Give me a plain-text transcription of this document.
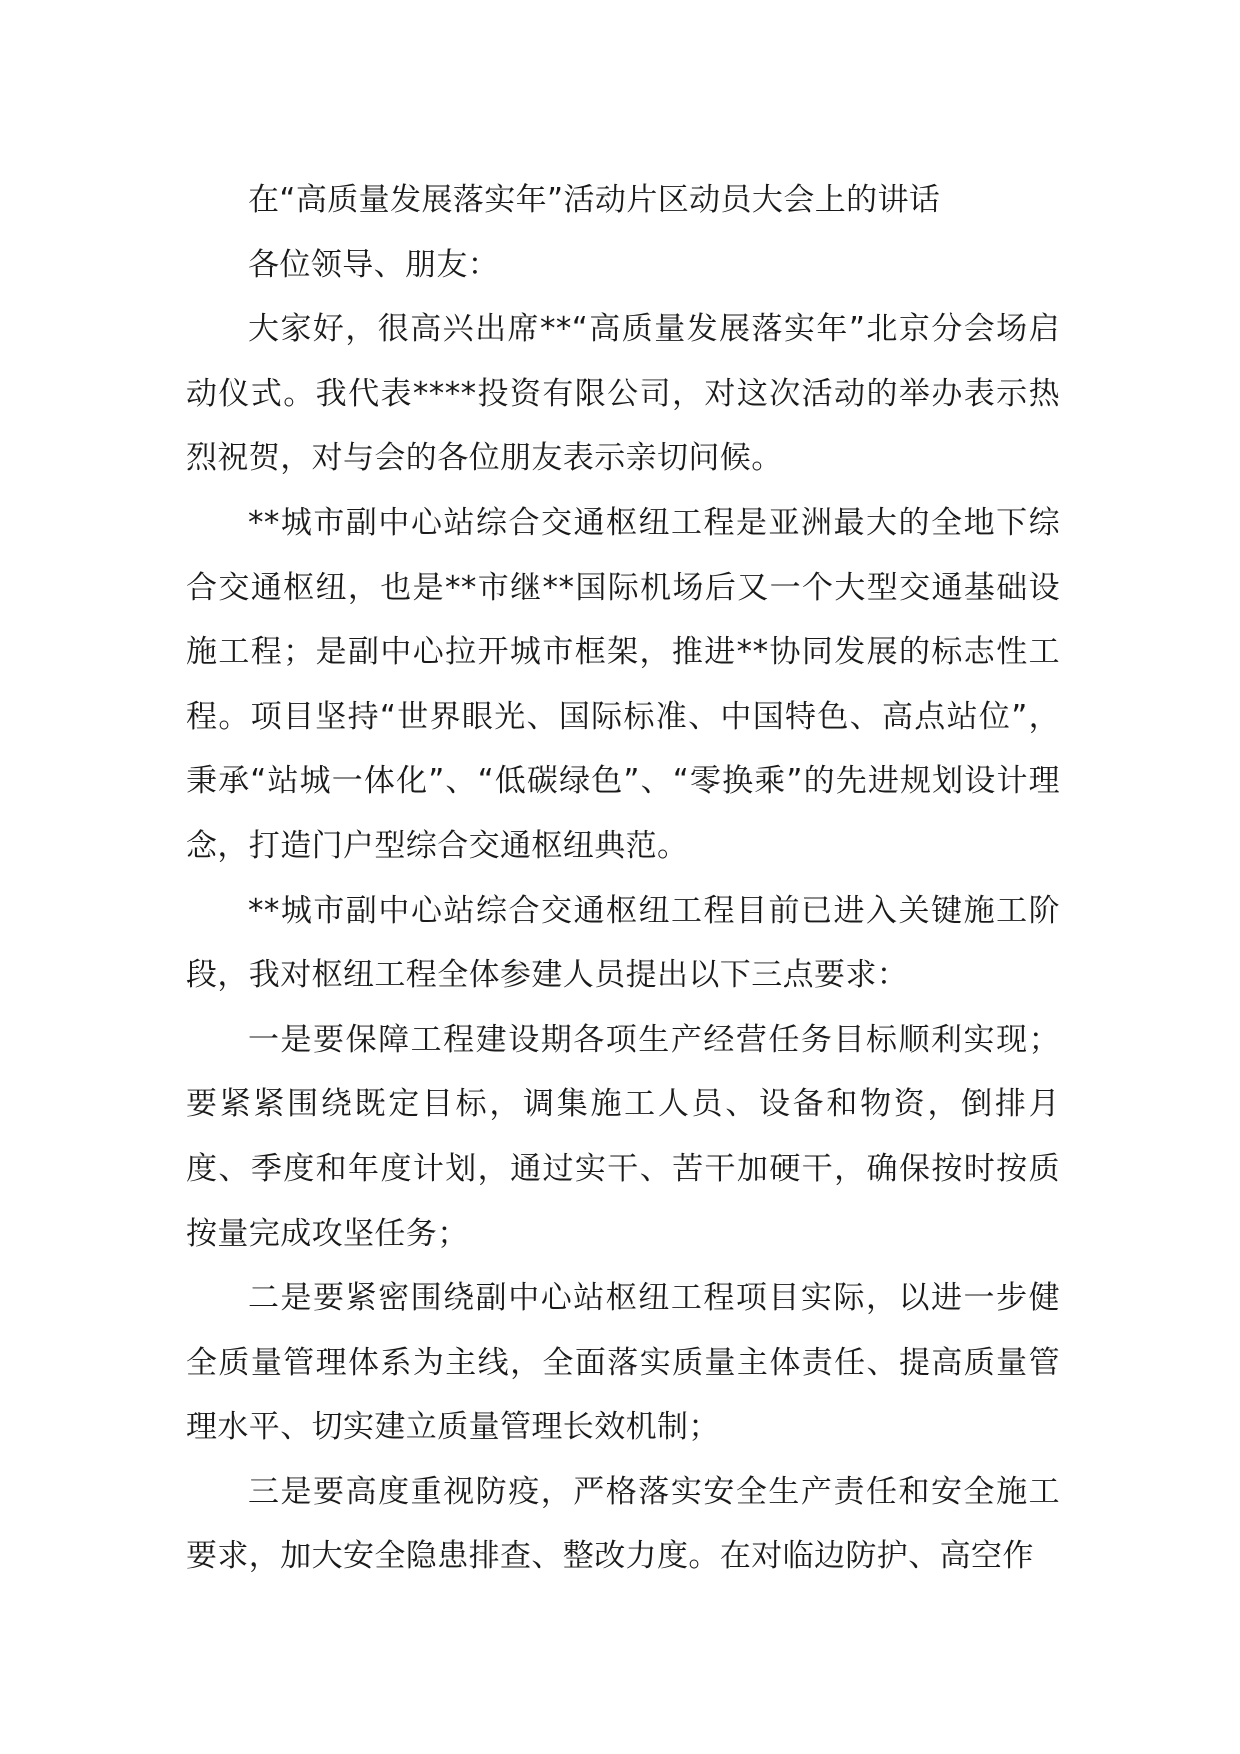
在“高质量发展落实年”活动片区动员大会上的讲话

各位领导、朋友：

大家好，很高兴出席**“高质量发展落实年”北京分会场启动仪式。我代表****投资有限公司，对这次活动的举办表示热烈祝贺，对与会的各位朋友表示亲切问候。

**城市副中心站综合交通枢纽工程是亚洲最大的全地下综合交通枢纽，也是**市继**国际机场后又一个大型交通基础设施工程；是副中心拉开城市框架，推进**协同发展的标志性工程。项目坚持“世界眼光、国际标准、中国特色、高点站位”，秉承“站城一体化”、“低碳绿色”、“零换乘”的先进规划设计理念，打造门户型综合交通枢纽典范。

**城市副中心站综合交通枢纽工程目前已进入关键施工阶段，我对枢纽工程全体参建人员提出以下三点要求：

一是要保障工程建设期各项生产经营任务目标顺利实现；要紧紧围绕既定目标，调集施工人员、设备和物资，倒排月度、季度和年度计划，通过实干、苦干加硬干，确保按时按质按量完成攻坚任务；

二是要紧密围绕副中心站枢纽工程项目实际，以进一步健全质量管理体系为主线，全面落实质量主体责任、提高质量管理水平、切实建立质量管理长效机制；

三是要高度重视防疫，严格落实安全生产责任和安全施工要求，加大安全隐患排查、整改力度。在对临边防护、高空作
